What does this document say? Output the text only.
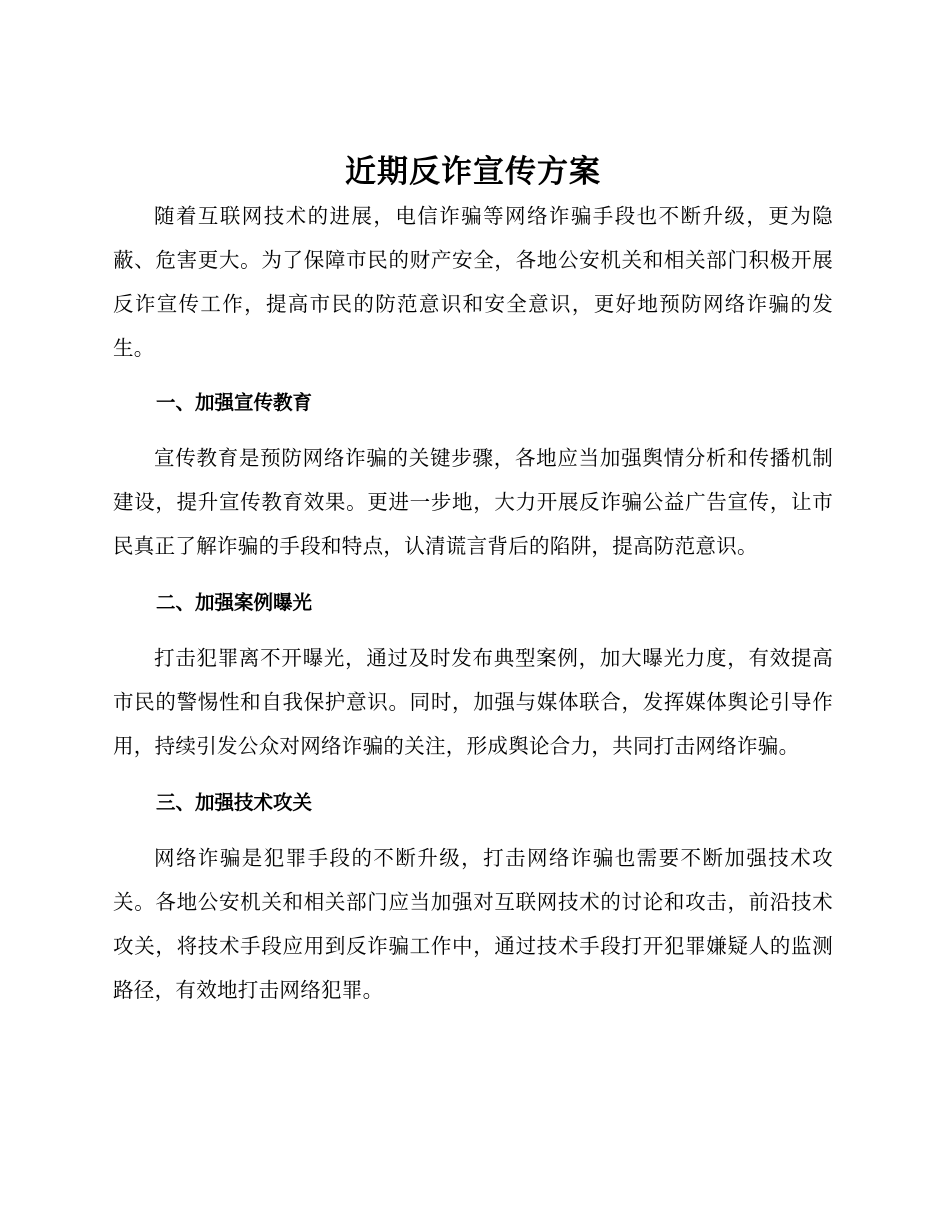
近期反诈宣传方案

随着互联网技术的进展，电信诈骗等网络诈骗手段也不断升级，更为隐蔽、危害更大。为了保障市民的财产安全，各地公安机关和相关部门积极开展反诈宣传工作，提高市民的防范意识和安全意识，更好地预防网络诈骗的发生。

一、加强宣传教育

宣传教育是预防网络诈骗的关键步骤，各地应当加强舆情分析和传播机制建设，提升宣传教育效果。更进一步地，大力开展反诈骗公益广告宣传，让市民真正了解诈骗的手段和特点，认清谎言背后的陷阱，提高防范意识。

二、加强案例曝光

打击犯罪离不开曝光，通过及时发布典型案例，加大曝光力度，有效提高市民的警惕性和自我保护意识。同时，加强与媒体联合，发挥媒体舆论引导作用，持续引发公众对网络诈骗的关注，形成舆论合力，共同打击网络诈骗。

三、加强技术攻关

网络诈骗是犯罪手段的不断升级，打击网络诈骗也需要不断加强技术攻关。各地公安机关和相关部门应当加强对互联网技术的讨论和攻击，前沿技术攻关，将技术手段应用到反诈骗工作中，通过技术手段打开犯罪嫌疑人的监测路径，有效地打击网络犯罪。
